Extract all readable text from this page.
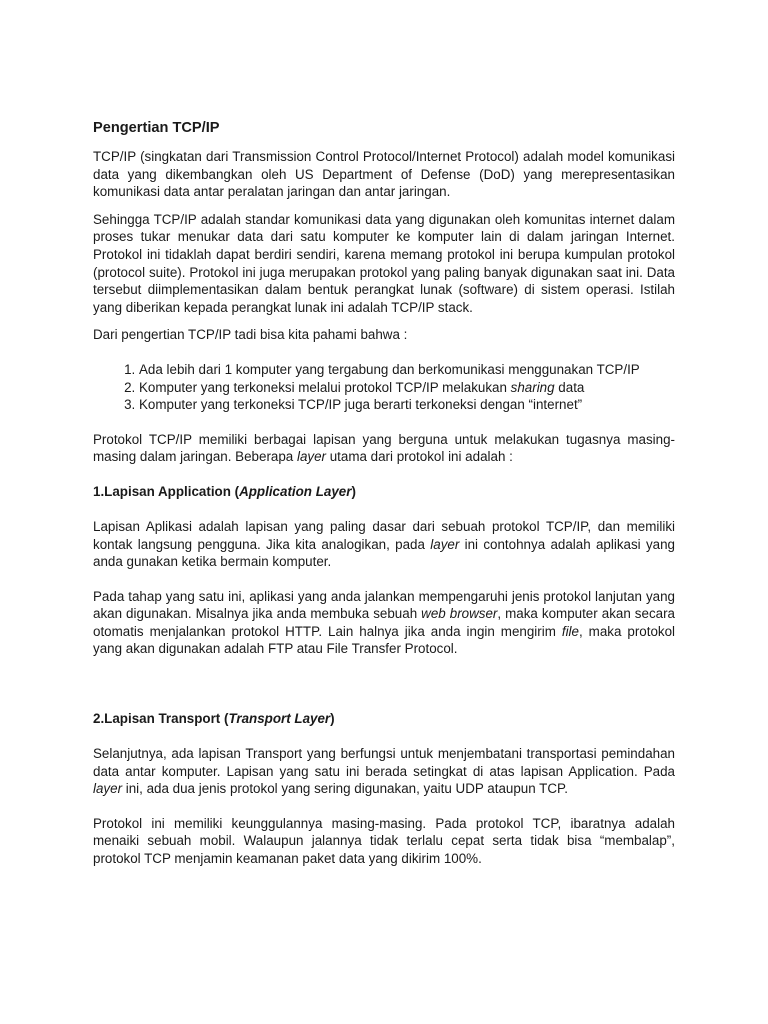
Pengertian TCP/IP

TCP/IP (singkatan dari Transmission Control Protocol/Internet Protocol) adalah model komunikasi data yang dikembangkan oleh US Department of Defense (DoD) yang merepresentasikan komunikasi data antar peralatan jaringan dan antar jaringan.

Sehingga TCP/IP adalah standar komunikasi data yang digunakan oleh komunitas internet dalam proses tukar menukar data dari satu komputer ke komputer lain di dalam jaringan Internet. Protokol ini tidaklah dapat berdiri sendiri, karena memang protokol ini berupa kumpulan protokol (protocol suite). Protokol ini juga merupakan protokol yang paling banyak digunakan saat ini. Data tersebut diimplementasikan dalam bentuk perangkat lunak (software) di sistem operasi. Istilah yang diberikan kepada perangkat lunak ini adalah TCP/IP stack.

Dari pengertian TCP/IP tadi bisa kita pahami bahwa :

1. Ada lebih dari 1 komputer yang tergabung dan berkomunikasi menggunakan TCP/IP
2. Komputer yang terkoneksi melalui protokol TCP/IP melakukan sharing data
3. Komputer yang terkoneksi TCP/IP juga berarti terkoneksi dengan “internet”

Protokol TCP/IP memiliki berbagai lapisan yang berguna untuk melakukan tugasnya masing-masing dalam jaringan. Beberapa layer utama dari protokol ini adalah :

1.Lapisan Application (Application Layer)

Lapisan Aplikasi adalah lapisan yang paling dasar dari sebuah protokol TCP/IP, dan memiliki kontak langsung pengguna. Jika kita analogikan, pada layer ini contohnya adalah aplikasi yang anda gunakan ketika bermain komputer.

Pada tahap yang satu ini, aplikasi yang anda jalankan mempengaruhi jenis protokol lanjutan yang akan digunakan. Misalnya jika anda membuka sebuah web browser, maka komputer akan secara otomatis menjalankan protokol HTTP. Lain halnya jika anda ingin mengirim file, maka protokol yang akan digunakan adalah FTP atau File Transfer Protocol.

2.Lapisan Transport (Transport Layer)

Selanjutnya, ada lapisan Transport yang berfungsi untuk menjembatani transportasi pemindahan data antar komputer. Lapisan yang satu ini berada setingkat di atas lapisan Application. Pada layer ini, ada dua jenis protokol yang sering digunakan, yaitu UDP ataupun TCP.

Protokol ini memiliki keunggulannya masing-masing. Pada protokol TCP, ibaratnya adalah menaiki sebuah mobil. Walaupun jalannya tidak terlalu cepat serta tidak bisa “membalap”, protokol TCP menjamin keamanan paket data yang dikirim 100%.
